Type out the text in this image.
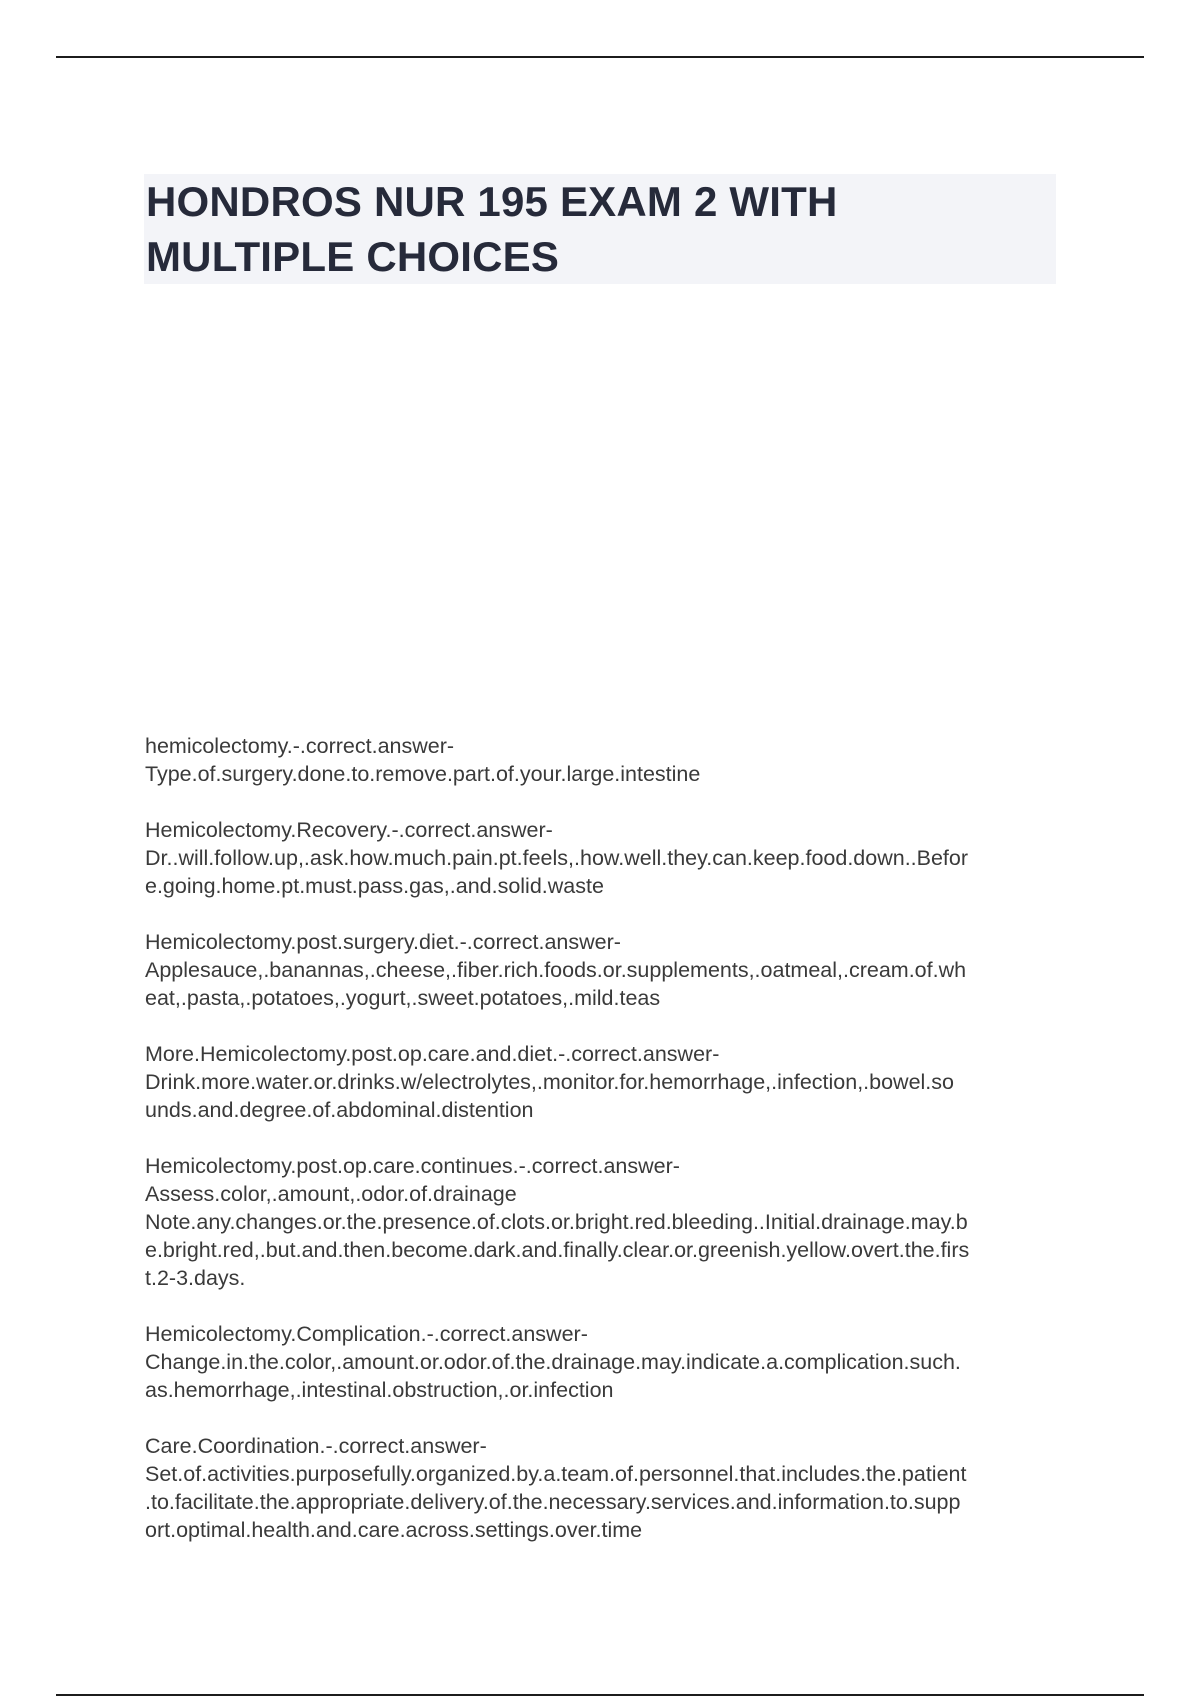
HONDROS NUR 195 EXAM 2 WITH
MULTIPLE CHOICES
hemicolectomy.-.correct.answer-
Type.of.surgery.done.to.remove.part.of.your.large.intestine
Hemicolectomy.Recovery.-.correct.answer-
Dr..will.follow.up,.ask.how.much.pain.pt.feels,.how.well.they.can.keep.food.down..Befor
e.going.home.pt.must.pass.gas,.and.solid.waste
Hemicolectomy.post.surgery.diet.-.correct.answer-
Applesauce,.banannas,.cheese,.fiber.rich.foods.or.supplements,.oatmeal,.cream.of.wh
eat,.pasta,.potatoes,.yogurt,.sweet.potatoes,.mild.teas
More.Hemicolectomy.post.op.care.and.diet.-.correct.answer-
Drink.more.water.or.drinks.w/electrolytes,.monitor.for.hemorrhage,.infection,.bowel.so
unds.and.degree.of.abdominal.distention
Hemicolectomy.post.op.care.continues.-.correct.answer-
Assess.color,.amount,.odor.of.drainage
Note.any.changes.or.the.presence.of.clots.or.bright.red.bleeding..Initial.drainage.may.b
e.bright.red,.but.and.then.become.dark.and.finally.clear.or.greenish.yellow.overt.the.firs
t.2-3.days.
Hemicolectomy.Complication.-.correct.answer-
Change.in.the.color,.amount.or.odor.of.the.drainage.may.indicate.a.complication.such.
as.hemorrhage,.intestinal.obstruction,.or.infection
Care.Coordination.-.correct.answer-
Set.of.activities.purposefully.organized.by.a.team.of.personnel.that.includes.the.patient
.to.facilitate.the.appropriate.delivery.of.the.necessary.services.and.information.to.supp
ort.optimal.health.and.care.across.settings.over.time
